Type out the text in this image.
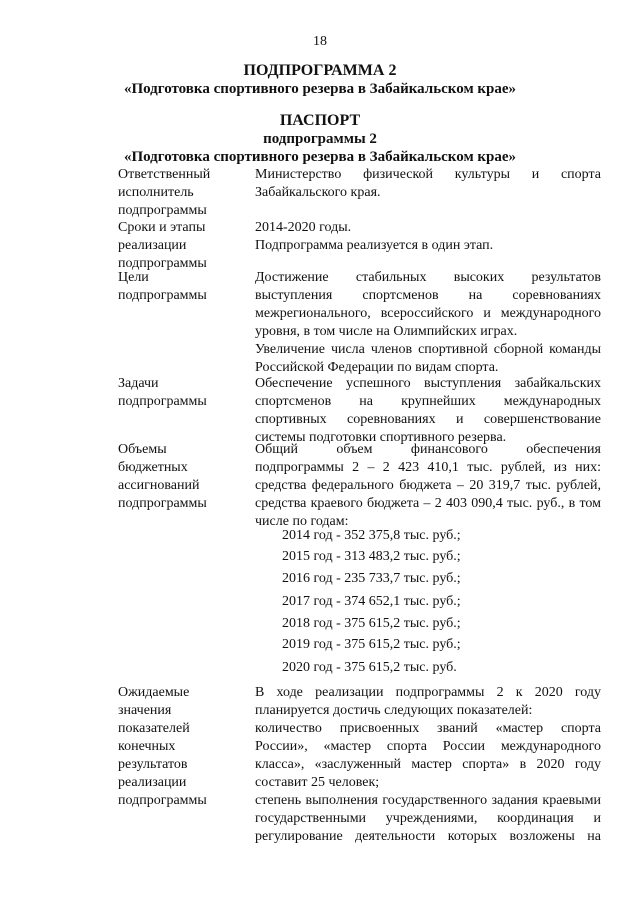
18
ПОДПРОГРАММА 2
«Подготовка спортивного резерва в Забайкальском крае»
ПАСПОРТ
подпрограммы 2
«Подготовка спортивного резерва в Забайкальском крае»
Ответственный
исполнитель
подпрограммы
Министерство физической культуры и спорта
Забайкальского края.
Сроки и этапы
реализации
подпрограммы
2014-2020 годы.
Подпрограмма реализуется в один этап.
Цели
подпрограммы
Достижение стабильных высоких результатов
выступления спортсменов на соревнованиях
межрегионального, всероссийского и международного
уровня, в том числе на Олимпийских играх.
Увеличение числа членов спортивной сборной команды
Российской Федерации по видам спорта.
Задачи
подпрограммы
Обеспечение успешного выступления забайкальских
спортсменов на крупнейших международных
спортивных соревнованиях и совершенствование
системы подготовки спортивного резерва.
Объемы
бюджетных
ассигнований
подпрограммы
Общий объем финансового обеспечения
подпрограммы 2 – 2 423 410,1 тыс. рублей, из них:
средства федерального бюджета – 20 319,7 тыс. рублей,
средства краевого бюджета – 2 403 090,4 тыс. руб., в том
числе по годам:
2014 год - 352 375,8 тыс. руб.;
2015 год - 313 483,2 тыс. руб.;
2016 год - 235 733,7 тыс. руб.;
2017 год - 374 652,1 тыс. руб.;
2018 год - 375 615,2 тыс. руб.;
2019 год - 375 615,2 тыс. руб.;
2020 год - 375 615,2 тыс. руб.
Ожидаемые
значения
показателей
конечных
результатов
реализации
подпрограммы
В ходе реализации подпрограммы 2 к 2020 году
планируется достичь следующих показателей:
количество присвоенных званий «мастер спорта
России», «мастер спорта России международного
класса», «заслуженный мастер спорта» в 2020 году
составит 25 человек;
степень выполнения государственного задания краевыми
государственными учреждениями, координация и
регулирование деятельности которых возложены на
